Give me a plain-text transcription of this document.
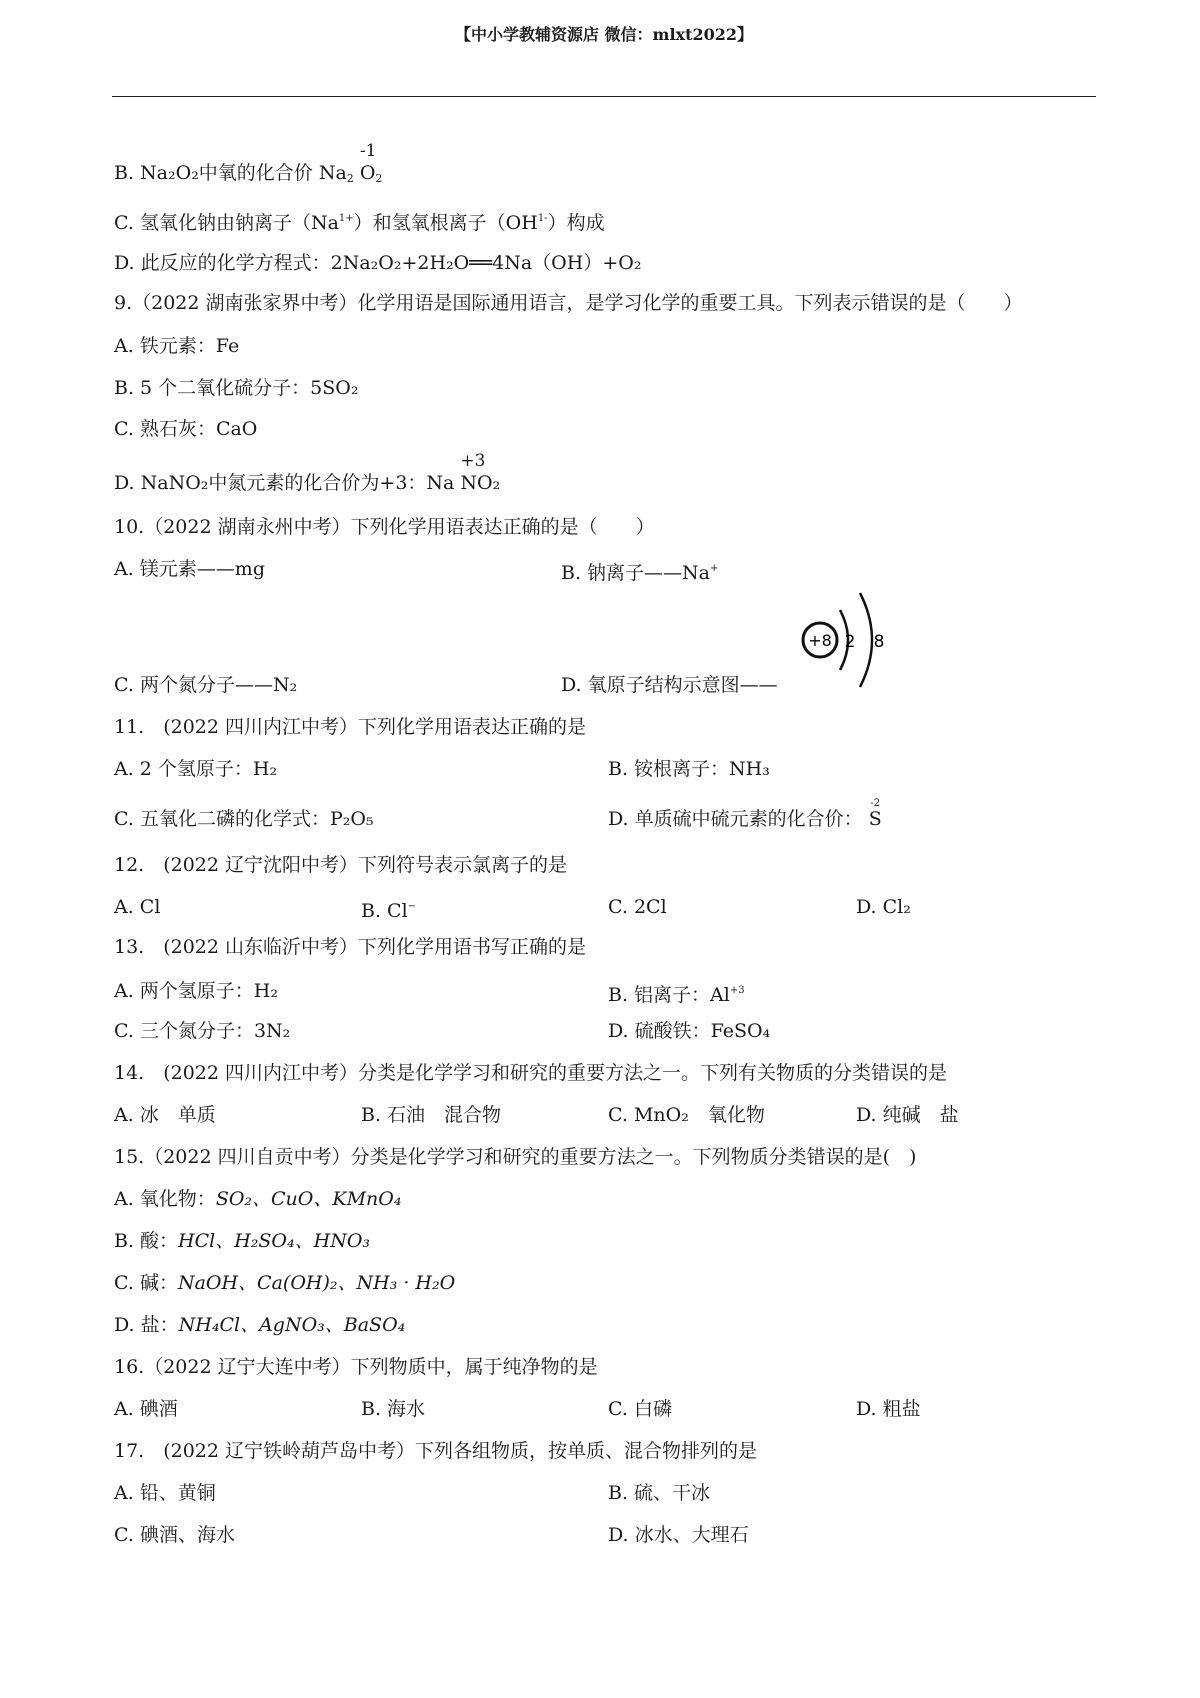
【中小学教辅资源店 微信：mlxt2022】
B. Na₂O₂中氧的化合价 $Na_2$
-1
$O_2$
C. 氢氧化钠由钠离子$(Na^{1+})$和氢氧根离子$(OH^{1-})$构成
D. 此反应的化学方程式：2Na₂O₂+2H₂O══4Na（OH）+O₂
9.（2022 湖南张家界中考）化学用语是国际通用语言，是学习化学的重要工具。下列表示错误的是（　　）
A. 铁元素：Fe
B. 5 个二氧化硫分子：5SO₂
C. 熟石灰：CaO
D. NaNO₂中氮元素的化合价为+3：Na
+3
NO₂
10.（2022 湖南永州中考）下列化学用语表达正确的是（　　）
A. 镁元素——mg	B. 钠离子——Na+
C. 两个氮分子——N₂	D. 氧原子结构示意图——
+8 2 8
11.　(2022 四川内江中考）下列化学用语表达正确的是
A. 2 个氢原子：H₂	B. 铵根离子：NH₃
C. 五氧化二磷的化学式：P₂O₅	D. 单质硫中硫元素的化合价：
-2
S
12.　(2022 辽宁沈阳中考）下列符号表示氯离子的是
A. Cl	B. Cl−	C. 2Cl	D. Cl₂
13.　(2022 山东临沂中考）下列化学用语书写正确的是
A. 两个氢原子：H₂	B. 铝离子：$Al^{+3}$
C. 三个氮分子：3N₂	D. 硫酸铁：FeSO₄
14.　(2022 四川内江中考）分类是化学学习和研究的重要方法之一。下列有关物质的分类错误的是
A. 冰　单质	B. 石油　混合物	C. MnO₂　氧化物	D. 纯碱　盐
15.（2022 四川自贡中考）分类是化学学习和研究的重要方法之一。下列物质分类错误的是(　)
A. 氧化物：SO₂、CuO、KMnO₄
B. 酸：HCl、H₂SO₄、HNO₃
C. 碱：NaOH、Ca(OH)₂、NH₃ · H₂O
D. 盐：NH₄Cl、AgNO₃、BaSO₄
16.（2022 辽宁大连中考）下列物质中，属于纯净物的是
A. 碘酒	B. 海水	C. 白磷	D. 粗盐
17.　(2022 辽宁铁岭葫芦岛中考）下列各组物质，按单质、混合物排列的是
A. 铅、黄铜	B. 硫、干冰
C. 碘酒、海水	D. 冰水、大理石
